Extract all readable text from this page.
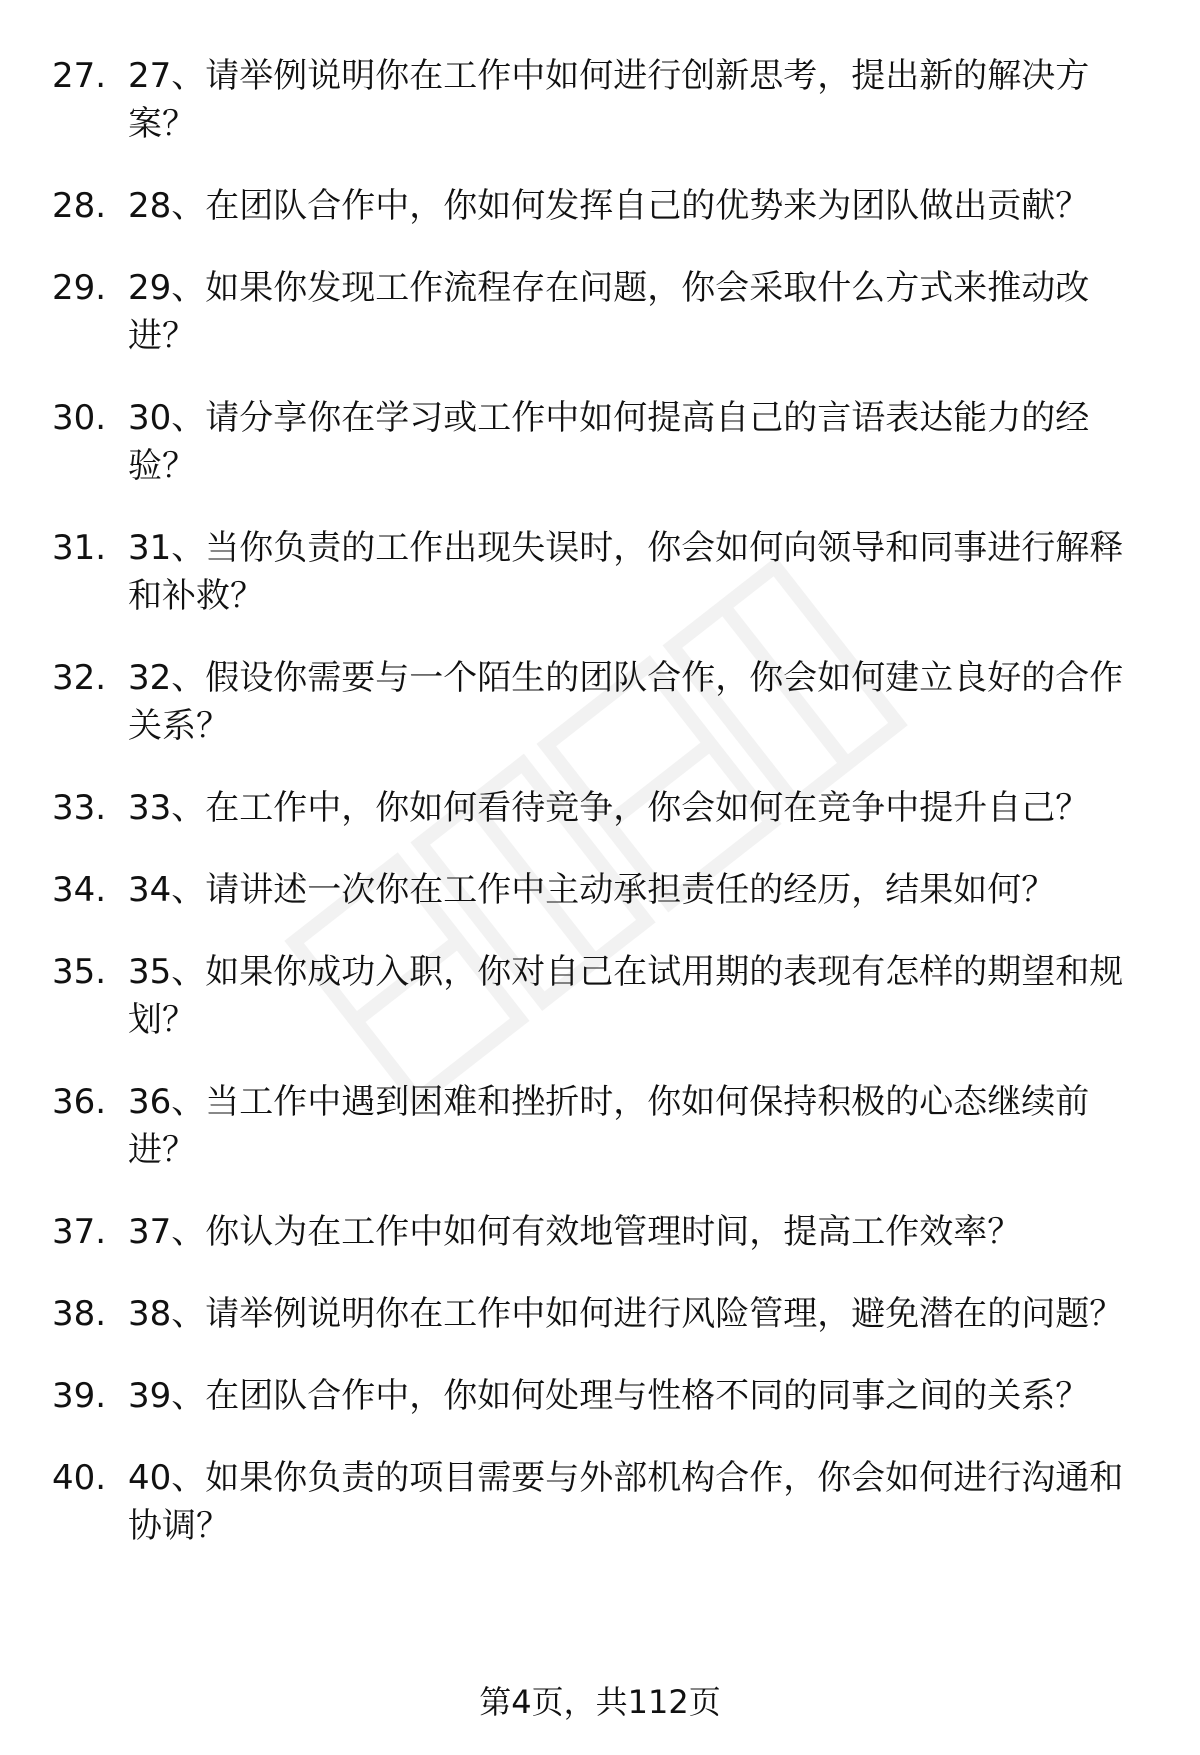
27. 27、请举例说明你在工作中如何进行创新思考，提出新的解决方案？
28. 28、在团队合作中，你如何发挥自己的优势来为团队做出贡献？
29. 29、如果你发现工作流程存在问题，你会采取什么方式来推动改进？
30. 30、请分享你在学习或工作中如何提高自己的言语表达能力的经验？
31. 31、当你负责的工作出现失误时，你会如何向领导和同事进行解释和补救？
32. 32、假设你需要与一个陌生的团队合作，你会如何建立良好的合作关系？
33. 33、在工作中，你如何看待竞争，你会如何在竞争中提升自己？
34. 34、请讲述一次你在工作中主动承担责任的经历，结果如何？
35. 35、如果你成功入职，你对自己在试用期的表现有怎样的期望和规划？
36. 36、当工作中遇到困难和挫折时，你如何保持积极的心态继续前进？
37. 37、你认为在工作中如何有效地管理时间，提高工作效率？
38. 38、请举例说明你在工作中如何进行风险管理，避免潜在的问题？
39. 39、在团队合作中，你如何处理与性格不同的同事之间的关系？
40. 40、如果你负责的项目需要与外部机构合作，你会如何进行沟通和协调？
第4页，共112页
